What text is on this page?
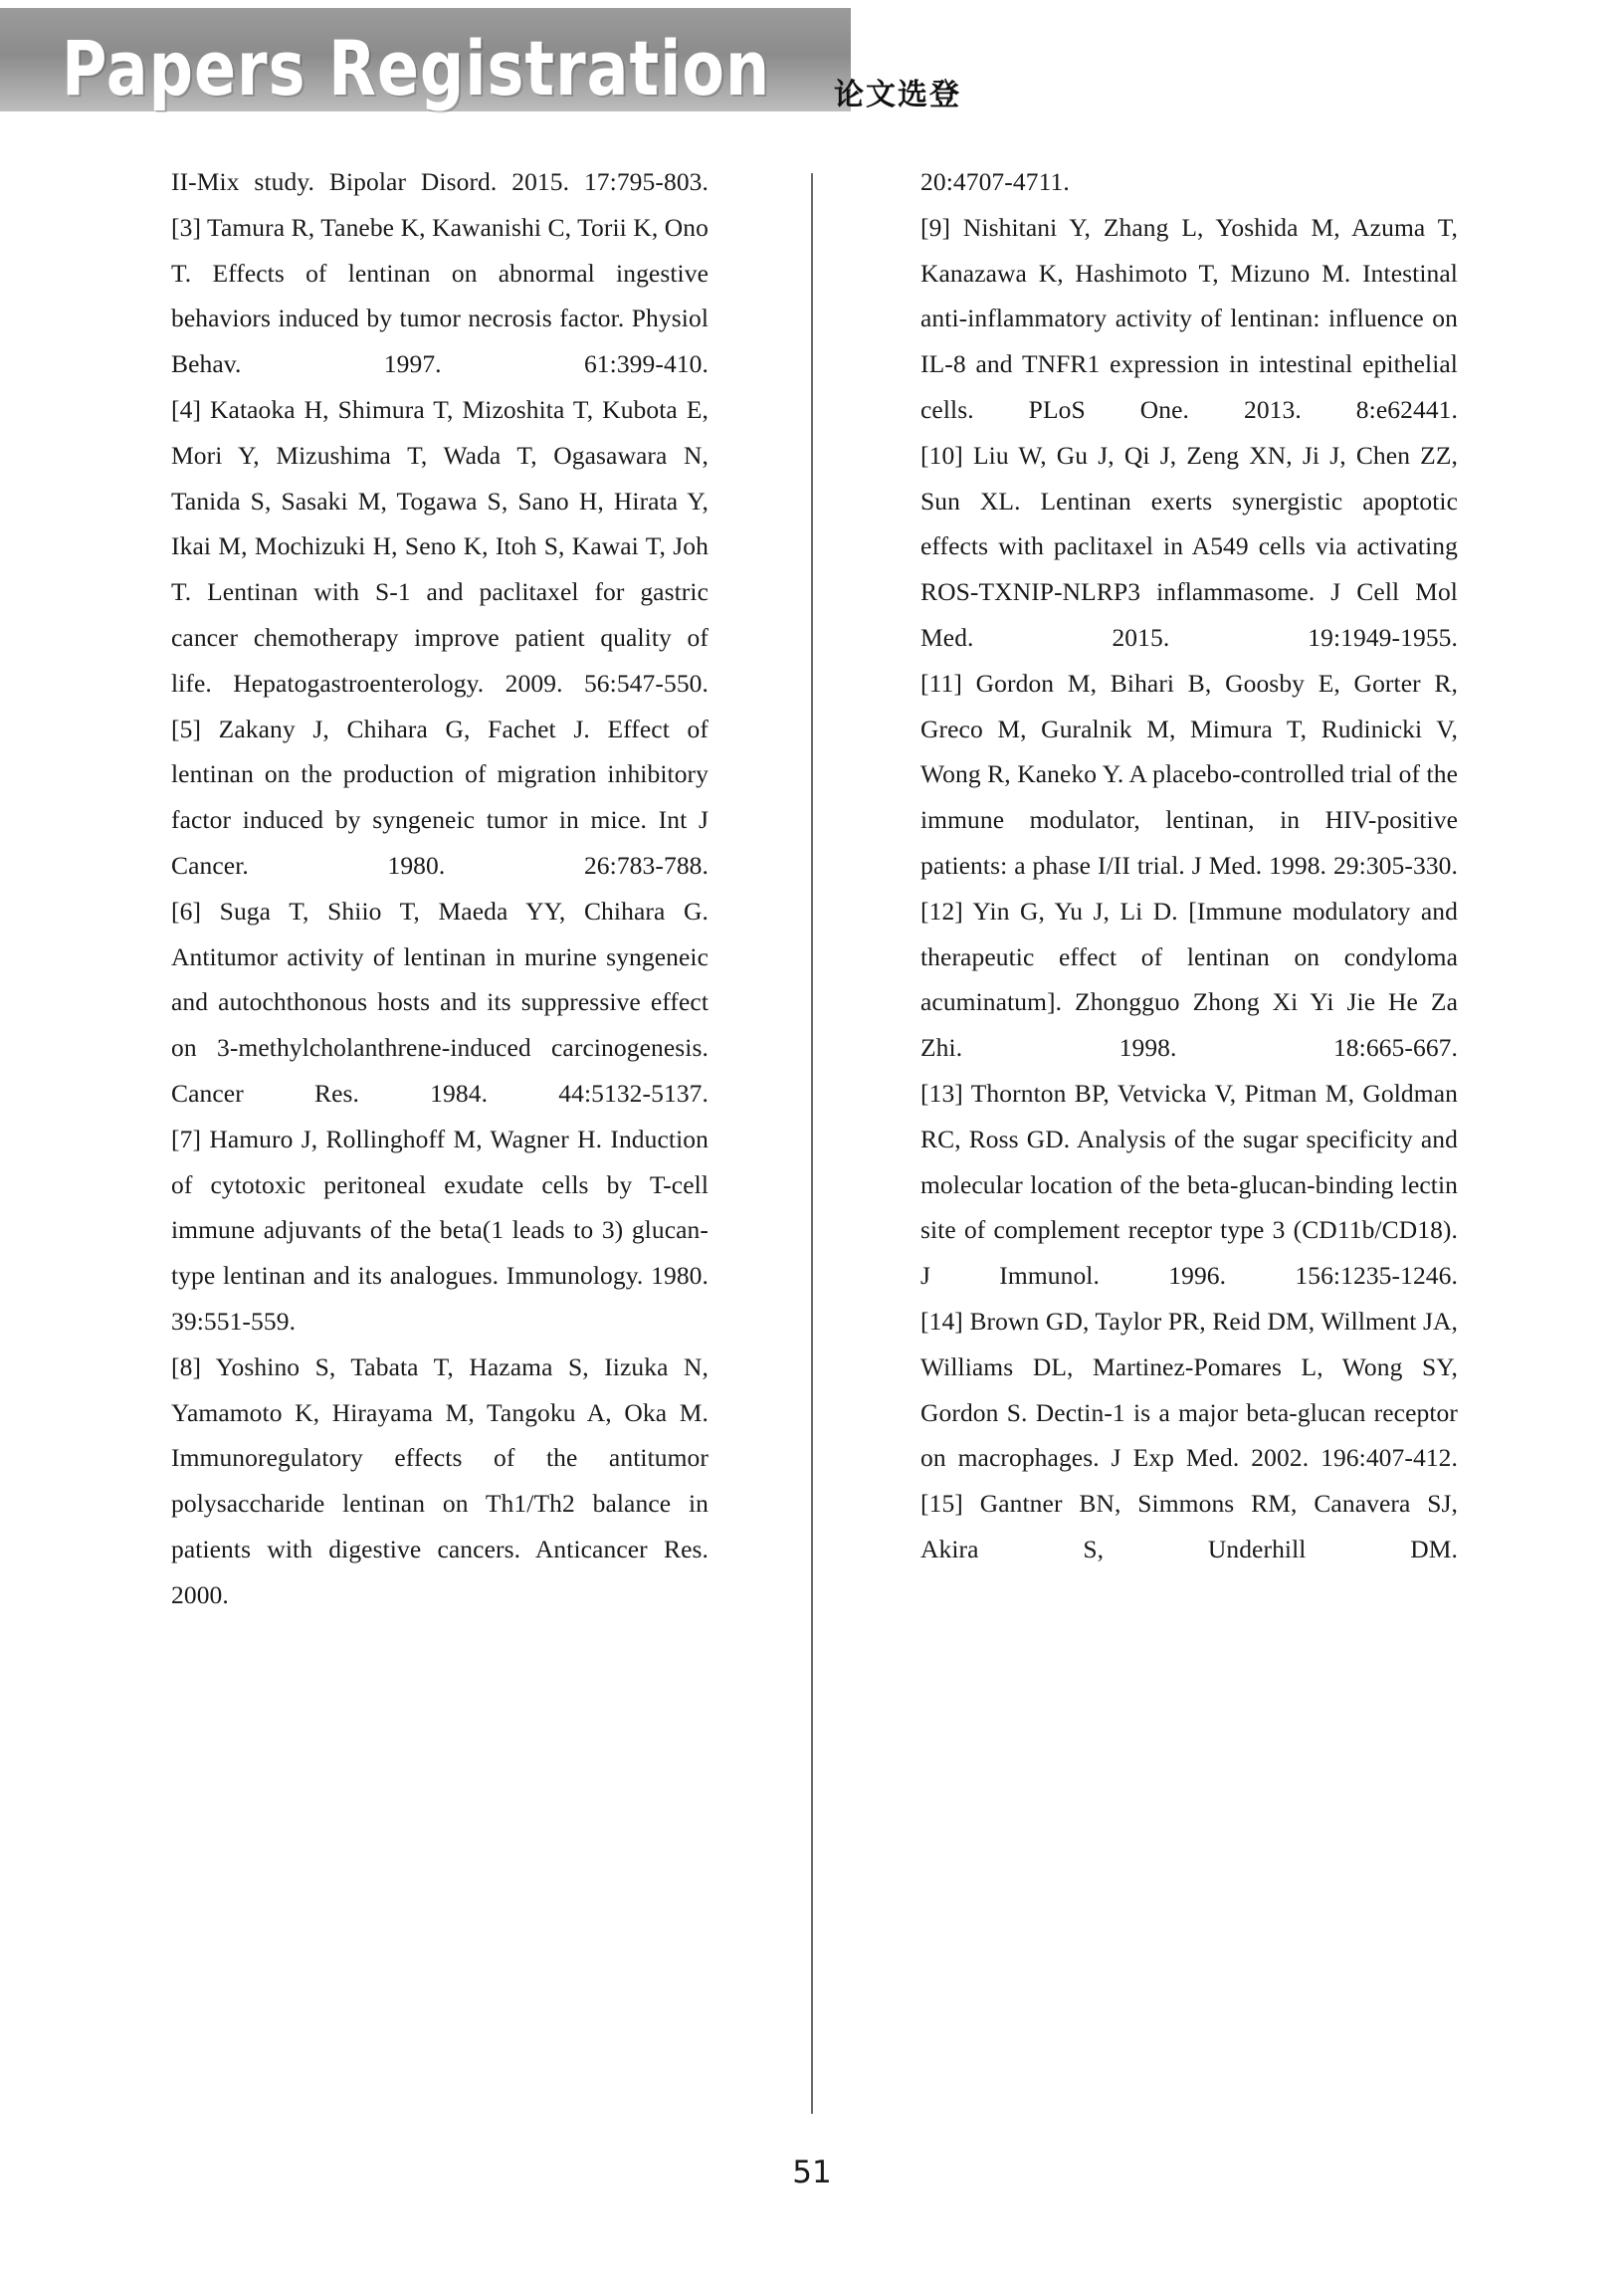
Papers Registration 论文选登

II-Mix study. Bipolar Disord. 2015. 17:795-803.

[3] Tamura R, Tanebe K, Kawanishi C, Torii K, Ono T. Effects of lentinan on abnormal ingestive behaviors induced by tumor necrosis factor. Physiol Behav. 1997. 61:399-410.

[4] Kataoka H, Shimura T, Mizoshita T, Kubota E, Mori Y, Mizushima T, Wada T, Ogasawara N, Tanida S, Sasaki M, Togawa S, Sano H, Hirata Y, Ikai M, Mochizuki H, Seno K, Itoh S, Kawai T, Joh T. Lentinan with S-1 and paclitaxel for gastric cancer chemotherapy improve patient quality of life. Hepatogastroenterology. 2009. 56:547-550.

[5] Zakany J, Chihara G, Fachet J. Effect of lentinan on the production of migration inhibitory factor induced by syngeneic tumor in mice. Int J Cancer. 1980. 26:783-788.

[6] Suga T, Shiio T, Maeda YY, Chihara G. Antitumor activity of lentinan in murine syngeneic and autochthonous hosts and its suppressive effect on 3-methylcholanthrene-induced carcinogenesis. Cancer Res. 1984. 44:5132-5137.

[7] Hamuro J, Rollinghoff M, Wagner H. Induction of cytotoxic peritoneal exudate cells by T-cell immune adjuvants of the beta(1 leads to 3) glucan-type lentinan and its analogues. Immunology. 1980. 39:551-559.

[8] Yoshino S, Tabata T, Hazama S, Iizuka N, Yamamoto K, Hirayama M, Tangoku A, Oka M. Immunoregulatory effects of the antitumor polysaccharide lentinan on Th1/Th2 balance in patients with digestive cancers. Anticancer Res. 2000.

20:4707-4711.

[9] Nishitani Y, Zhang L, Yoshida M, Azuma T, Kanazawa K, Hashimoto T, Mizuno M. Intestinal anti-inflammatory activity of lentinan: influence on IL-8 and TNFR1 expression in intestinal epithelial cells. PLoS One. 2013. 8:e62441.

[10] Liu W, Gu J, Qi J, Zeng XN, Ji J, Chen ZZ, Sun XL. Lentinan exerts synergistic apoptotic effects with paclitaxel in A549 cells via activating ROS-TXNIP-NLRP3 inflammasome. J Cell Mol Med. 2015. 19:1949-1955.

[11] Gordon M, Bihari B, Goosby E, Gorter R, Greco M, Guralnik M, Mimura T, Rudinicki V, Wong R, Kaneko Y. A placebo-controlled trial of the immune modulator, lentinan, in HIV-positive patients: a phase I/II trial. J Med. 1998. 29:305-330.

[12] Yin G, Yu J, Li D. [Immune modulatory and therapeutic effect of lentinan on condyloma acuminatum]. Zhongguo Zhong Xi Yi Jie He Za Zhi. 1998. 18:665-667.

[13] Thornton BP, Vetvicka V, Pitman M, Goldman RC, Ross GD. Analysis of the sugar specificity and molecular location of the beta-glucan-binding lectin site of complement receptor type 3 (CD11b/CD18). J Immunol. 1996. 156:1235-1246.

[14] Brown GD, Taylor PR, Reid DM, Willment JA, Williams DL, Martinez-Pomares L, Wong SY, Gordon S. Dectin-1 is a major beta-glucan receptor on macrophages. J Exp Med. 2002. 196:407-412.

[15] Gantner BN, Simmons RM, Canavera SJ, Akira S, Underhill DM.

51
